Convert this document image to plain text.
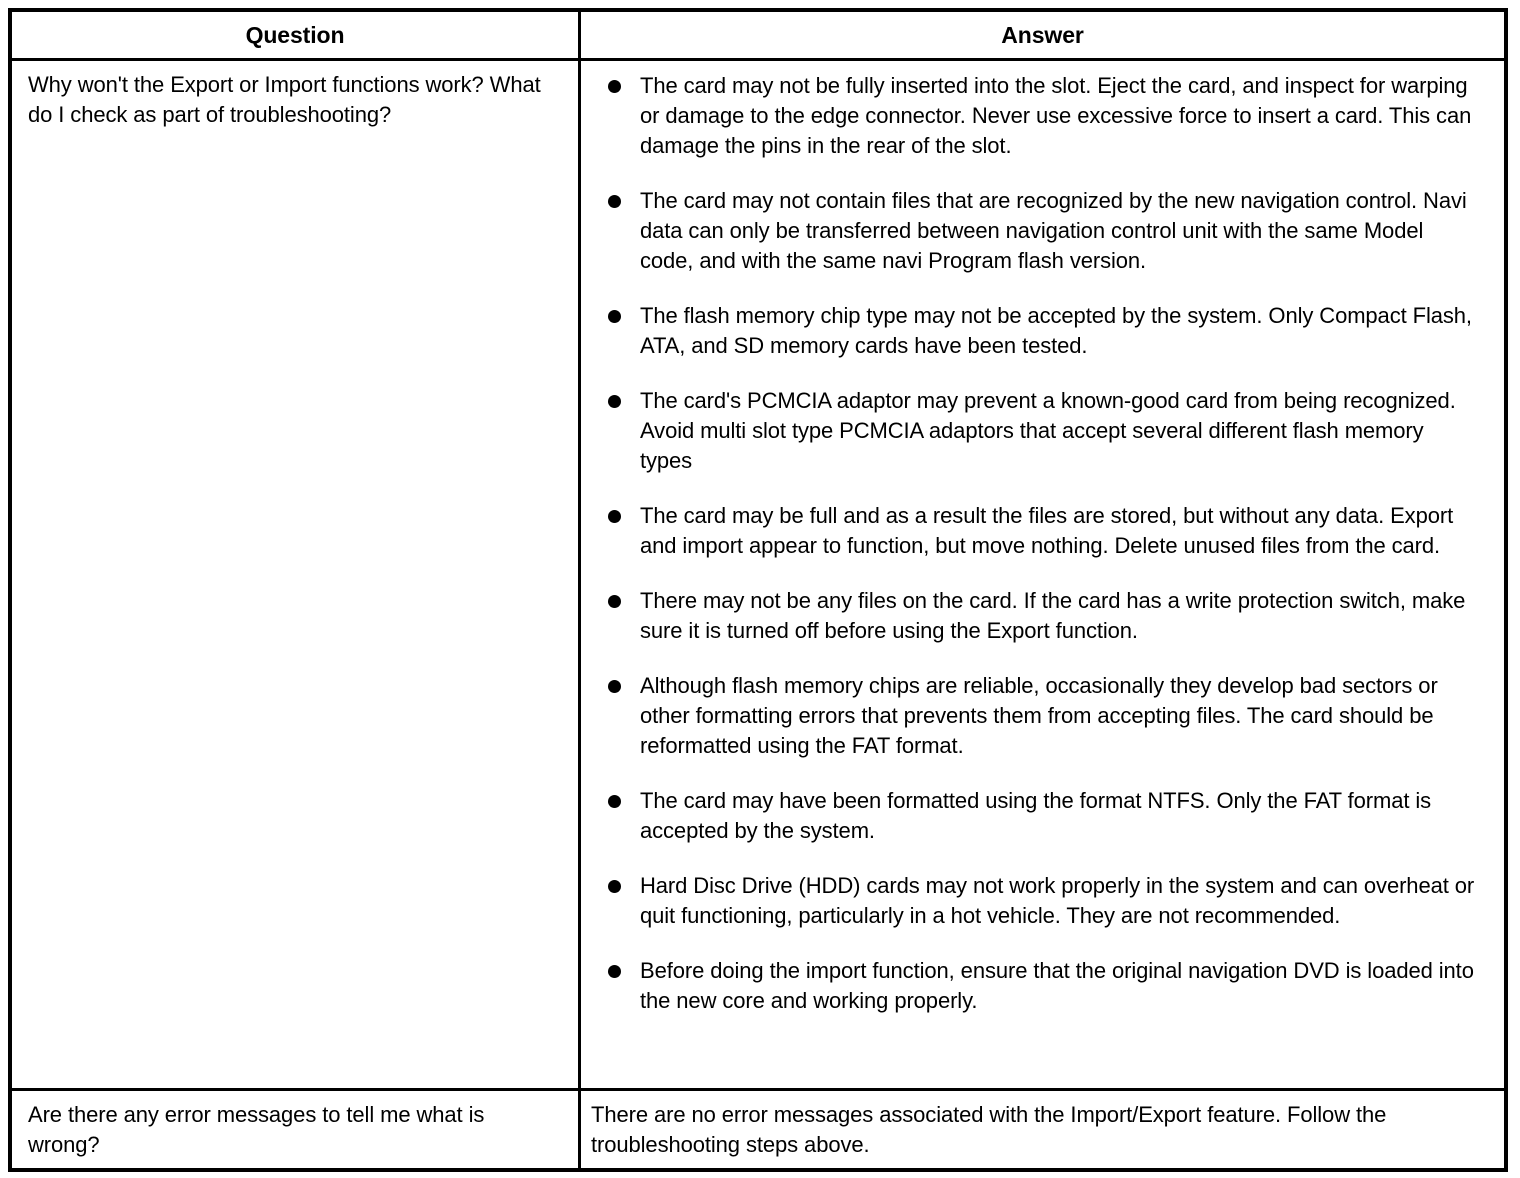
Question	Answer
Why won't the Export or Import functions work? What do I check as part of troubleshooting?
The card may not be fully inserted into the slot. Eject the card, and inspect for warping or damage to the edge connector. Never use excessive force to insert a card. This can damage the pins in the rear of the slot.
The card may not contain files that are recognized by the new navigation control. Navi data can only be transferred between navigation control unit with the same Model code, and with the same navi Program flash version.
The flash memory chip type may not be accepted by the system. Only Compact Flash, ATA, and SD memory cards have been tested.
The card's PCMCIA adaptor may prevent a known-good card from being recognized. Avoid multi slot type PCMCIA adaptors that accept several different flash memory types
The card may be full and as a result the files are stored, but without any data. Export and import appear to function, but move nothing. Delete unused files from the card.
There may not be any files on the card. If the card has a write protection switch, make sure it is turned off before using the Export function.
Although flash memory chips are reliable, occasionally they develop bad sectors or other formatting errors that prevents them from accepting files. The card should be reformatted using the FAT format.
The card may have been formatted using the format NTFS. Only the FAT format is accepted by the system.
Hard Disc Drive (HDD) cards may not work properly in the system and can overheat or quit functioning, particularly in a hot vehicle. They are not recommended.
Before doing the import function, ensure that the original navigation DVD is loaded into the new core and working properly.
Are there any error messages to tell me what is wrong?
There are no error messages associated with the Import/Export feature. Follow the troubleshooting steps above.
